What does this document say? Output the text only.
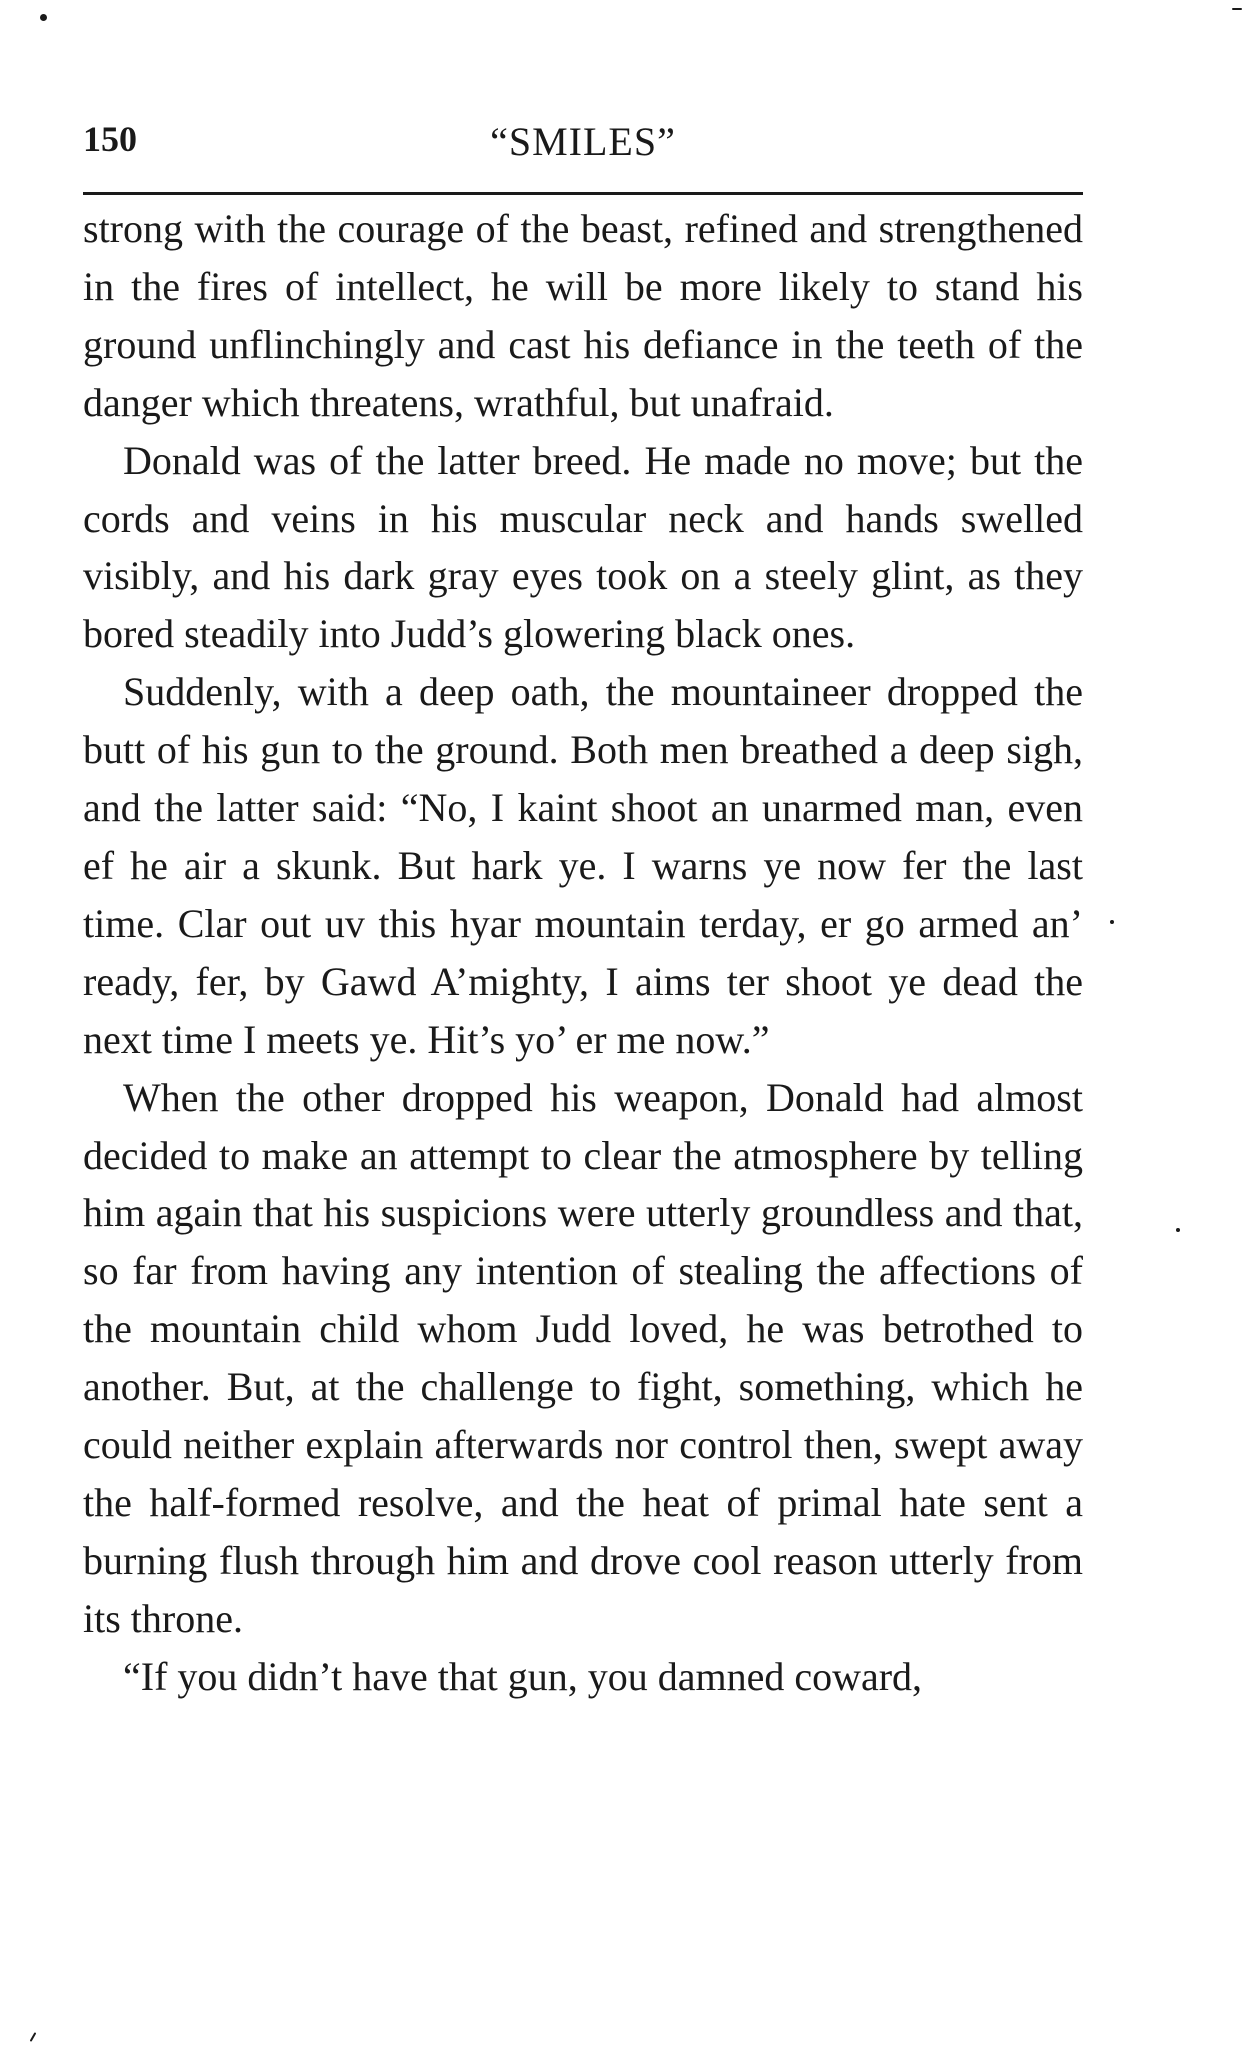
150	“SMILES”

strong with the courage of the beast, refined and strengthened in the fires of intellect, he will be more likely to stand his ground unflinchingly and cast his defiance in the teeth of the danger which threatens, wrathful, but unafraid.

Donald was of the latter breed. He made no move; but the cords and veins in his muscular neck and hands swelled visibly, and his dark gray eyes took on a steely glint, as they bored steadily into Judd’s glowering black ones.

Suddenly, with a deep oath, the mountaineer dropped the butt of his gun to the ground. Both men breathed a deep sigh, and the latter said: “No, I kaint shoot an unarmed man, even ef he air a skunk. But hark ye. I warns ye now fer the last time. Clar out uv this hyar mountain terday, er go armed an’ ready, fer, by Gawd A’mighty, I aims ter shoot ye dead the next time I meets ye. Hit’s yo’ er me now.”

When the other dropped his weapon, Donald had almost decided to make an attempt to clear the atmosphere by telling him again that his suspicions were utterly groundless and that, so far from having any intention of stealing the affections of the mountain child whom Judd loved, he was betrothed to another. But, at the challenge to fight, something, which he could neither explain afterwards nor control then, swept away the half-formed resolve, and the heat of primal hate sent a burning flush through him and drove cool reason utterly from its throne.

“If you didn’t have that gun, you damned coward,
